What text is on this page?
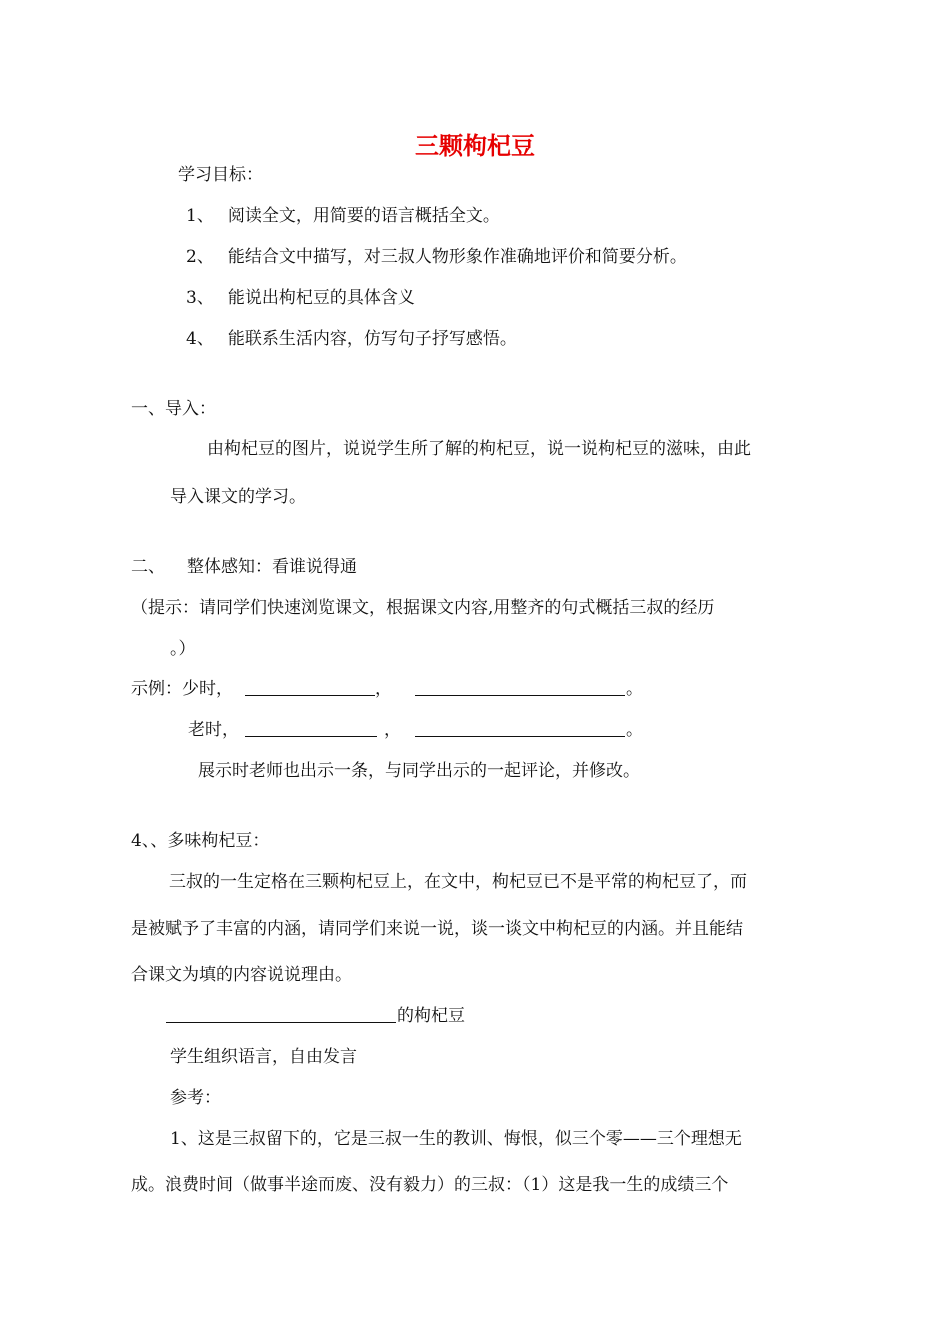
三颗枸杞豆
学习目标：
1、 阅读全文，用简要的语言概括全文。
2、 能结合文中描写，对三叔人物形象作准确地评价和简要分析。
3、 能说出枸杞豆的具体含义
4、 能联系生活内容，仿写句子抒写感悟。
一、导入：
由枸杞豆的图片，说说学生所了解的枸杞豆，说一说枸杞豆的滋味，由此
导入课文的学习。
二、 整体感知：看谁说得通
（提示：请同学们快速浏览课文，根据课文内容,用整齐的句式概括三叔的经历
。）
示例：少时，	，	。
老时，	，	。
展示时老师也出示一条，与同学出示的一起评论，并修改。
4、、多味枸杞豆：
三叔的一生定格在三颗枸杞豆上，在文中，枸杞豆已不是平常的枸杞豆了，而
是被赋予了丰富的内涵，请同学们来说一说，谈一谈文中枸杞豆的内涵。并且能结
合课文为填的内容说说理由。
的枸杞豆
学生组织语言，自由发言
参考：
1、这是三叔留下的，它是三叔一生的教训、悔恨，似三个零——三个理想无
成。浪费时间（做事半途而废、没有毅力）的三叔：（1）这是我一生的成绩三个
